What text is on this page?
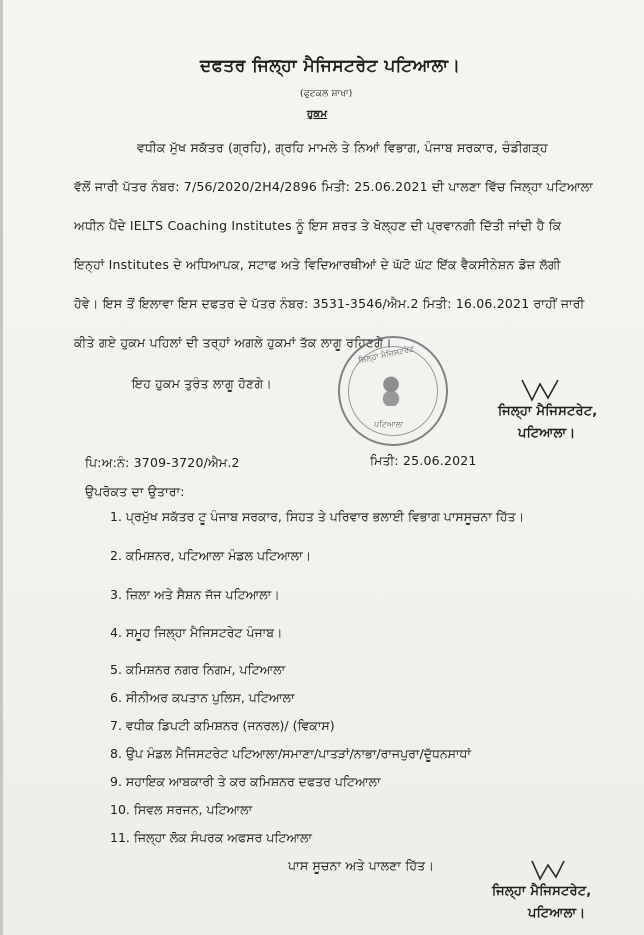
ਦਫਤਰ ਜਿਲ੍ਹਾ ਮੈਜਿਸਟਰੇਟ ਪਟਿਆਲਾ।
(ਫੁਟਕਲ ਸ਼ਾਖਾ)
ਹੁਕਮ
ਵਧੀਕ ਮੁੱਖ ਸਕੱਤਰ (ਗ੍ਰਹਿ), ਗ੍ਰਹਿ ਮਾਮਲੇ ਤੇ ਨਿਆਂ ਵਿਭਾਗ, ਪੰਜਾਬ ਸਰਕਾਰ, ਚੰਡੀਗੜ੍ਹ
ਵੱਲੋਂ ਜਾਰੀ ਪੱਤਰ ਨੰਬਰ: 7/56/2020/2H4/2896 ਮਿਤੀ: 25.06.2021 ਦੀ ਪਾਲਣਾ ਵਿੱਚ ਜਿਲ੍ਹਾ ਪਟਿਆਲਾ
ਅਧੀਨ ਪੈਂਦੇ IELTS Coaching Institutes ਨੂੰ ਇਸ ਸ਼ਰਤ ਤੇ ਖੋਲ੍ਹਣ ਦੀ ਪ੍ਰਵਾਨਗੀ ਦਿੱਤੀ ਜਾਂਦੀ ਹੈ ਕਿ
ਇਨ੍ਹਾਂ Institutes ਦੇ ਅਧਿਆਪਕ, ਸਟਾਫ ਅਤੇ ਵਿਦਿਆਰਥੀਆਂ ਦੇ ਘੱਟੋ ਘੱਟ ਇੱਕ ਵੈਕਸੀਨੇਸ਼ਨ ਡੋਜ਼ ਲੱਗੀ
ਹੋਵੇ। ਇਸ ਤੋਂ ਇਲਾਵਾ ਇਸ ਦਫਤਰ ਦੇ ਪੱਤਰ ਨੰਬਰ: 3531-3546/ਐਮ.2 ਮਿਤੀ: 16.06.2021 ਰਾਹੀਂ ਜਾਰੀ
ਕੀਤੇ ਗਏ ਹੁਕਮ ਪਹਿਲਾਂ ਦੀ ਤਰ੍ਹਾਂ ਅਗਲੇ ਹੁਕਮਾਂ ਤੱਕ ਲਾਗੂ ਰਹਿਣਗੇ।
ਇਹ ਹੁਕਮ ਤੁਰੰਤ ਲਾਗੂ ਹੋਣਗੇ।
ਜ਼ਿਲ੍ਹਾ ਮੈਜਿਸਟਰੇਟ
ਪਟਿਆਲਾ
ਜਿਲ੍ਹਾ ਮੈਜਿਸਟਰੇਟ,
ਪਟਿਆਲਾ।
ਪਿ:ਅ:ਨੰ: 3709-3720/ਐਮ.2	ਮਿਤੀ: 25.06.2021
ਉਪਰੋਕਤ ਦਾ ਉਤਾਰਾ:
1. ਪ੍ਰਮੁੱਖ ਸਕੱਤਰ ਟੂ ਪੰਜਾਬ ਸਰਕਾਰ, ਸਿਹਤ ਤੇ ਪਰਿਵਾਰ ਭਲਾਈ ਵਿਭਾਗ ਪਾਸਸੂਚਨਾ ਹਿੱਤ।
2. ਕਮਿਸ਼ਨਰ, ਪਟਿਆਲਾ ਮੰਡਲ ਪਟਿਆਲਾ।
3. ਜ਼ਿਲਾ ਅਤੇ ਸੈਸ਼ਨ ਜੱਜ ਪਟਿਆਲਾ।
4. ਸਮੂਹ ਜਿਲ੍ਹਾ ਮੈਜਿਸਟਰੇਟ ਪੰਜਾਬ।
5. ਕਮਿਸ਼ਨਰ ਨਗਰ ਨਿਗਮ, ਪਟਿਆਲਾ
6. ਸੀਨੀਅਰ ਕਪਤਾਨ ਪੁਲਿਸ, ਪਟਿਆਲਾ
7. ਵਧੀਕ ਡਿਪਟੀ ਕਮਿਸ਼ਨਰ (ਜਨਰਲ)/ (ਵਿਕਾਸ)
8. ਉਪ ਮੰਡਲ ਮੈਜਿਸਟਰੇਟ ਪਟਿਆਲਾ/ਸਮਾਣਾ/ਪਾਤੜਾਂ/ਨਾਭਾ/ਰਾਜਪੁਰਾ/ਦੂੱਧਨਸਾਧਾਂ
9. ਸਹਾਇਕ ਆਬਕਾਰੀ ਤੇ ਕਰ ਕਮਿਸ਼ਨਰ ਦਫਤਰ ਪਟਿਆਲਾ
10. ਸਿਵਲ ਸਰਜਨ, ਪਟਿਆਲਾ
11. ਜਿਲ੍ਹਾ ਲੋਕ ਸੰਪਰਕ ਅਫਸਰ ਪਟਿਆਲਾ
ਪਾਸ ਸੂਚਨਾ ਅਤੇ ਪਾਲਣਾ ਹਿੱਤ।
ਜਿਲ੍ਹਾ ਮੈਜਿਸਟਰੇਟ,
ਪਟਿਆਲਾ।
